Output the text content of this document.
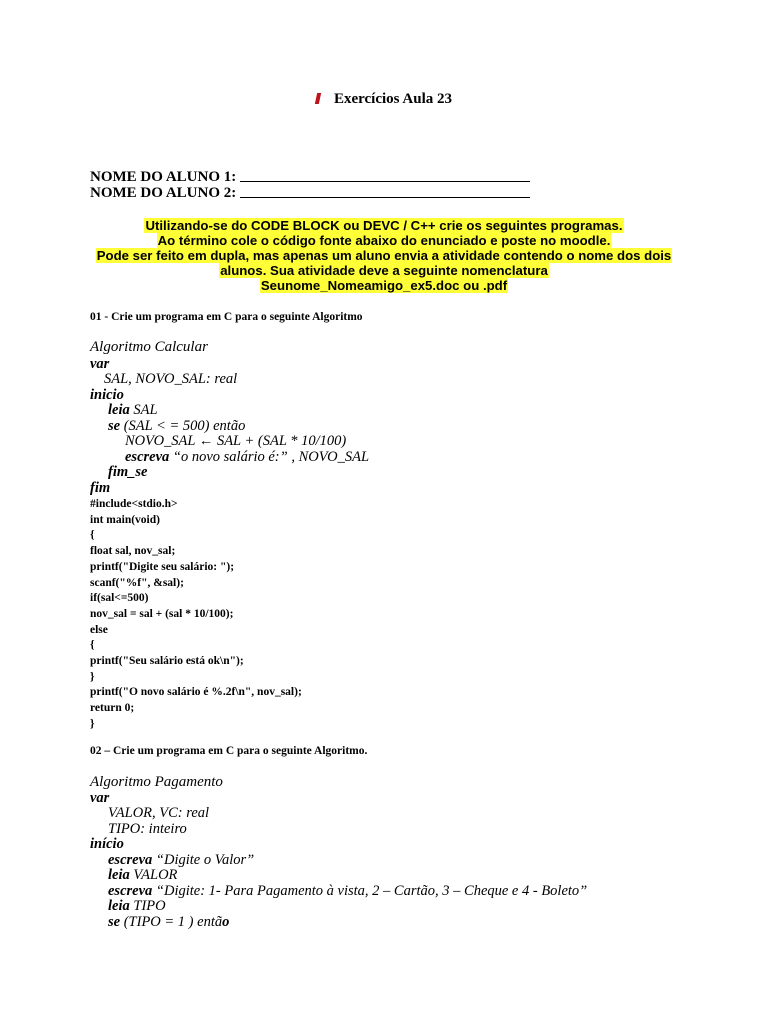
Exercícios Aula 23
NOME DO ALUNO 1:
NOME DO ALUNO 2:
Utilizando-se do CODE BLOCK ou DEVC / C++ crie os seguintes programas.
Ao término cole o código fonte abaixo do enunciado e poste no moodle.
Pode ser feito em dupla, mas apenas um aluno envia a atividade contendo o nome dos dois
alunos. Sua atividade deve a seguinte nomenclatura
Seunome_Nomeamigo_ex5.doc ou .pdf
01 - Crie um programa em C para o seguinte Algoritmo
Algoritmo Calcular
var
SAL, NOVO_SAL: real
inicio
leia SAL
se (SAL < = 500) então
NOVO_SAL ← SAL + (SAL * 10/100)
escreva “o novo salário é:” , NOVO_SAL
fim_se
fim
#include<stdio.h>
int main(void)
{
float sal, nov_sal;
printf("Digite seu salário: ");
scanf("%f", &sal);
if(sal<=500)
nov_sal = sal + (sal * 10/100);
else
{
printf("Seu salário está ok\n");
}
printf("O novo salário é %.2f\n", nov_sal);
return 0;
}
02 – Crie um programa em C para o seguinte Algoritmo.
Algoritmo Pagamento
var
VALOR, VC: real
TIPO: inteiro
início
escreva “Digite o Valor”
leia VALOR
escreva “Digite: 1- Para Pagamento à vista, 2 – Cartão, 3 – Cheque e 4 - Boleto”
leia TIPO
se (TIPO = 1 ) então
